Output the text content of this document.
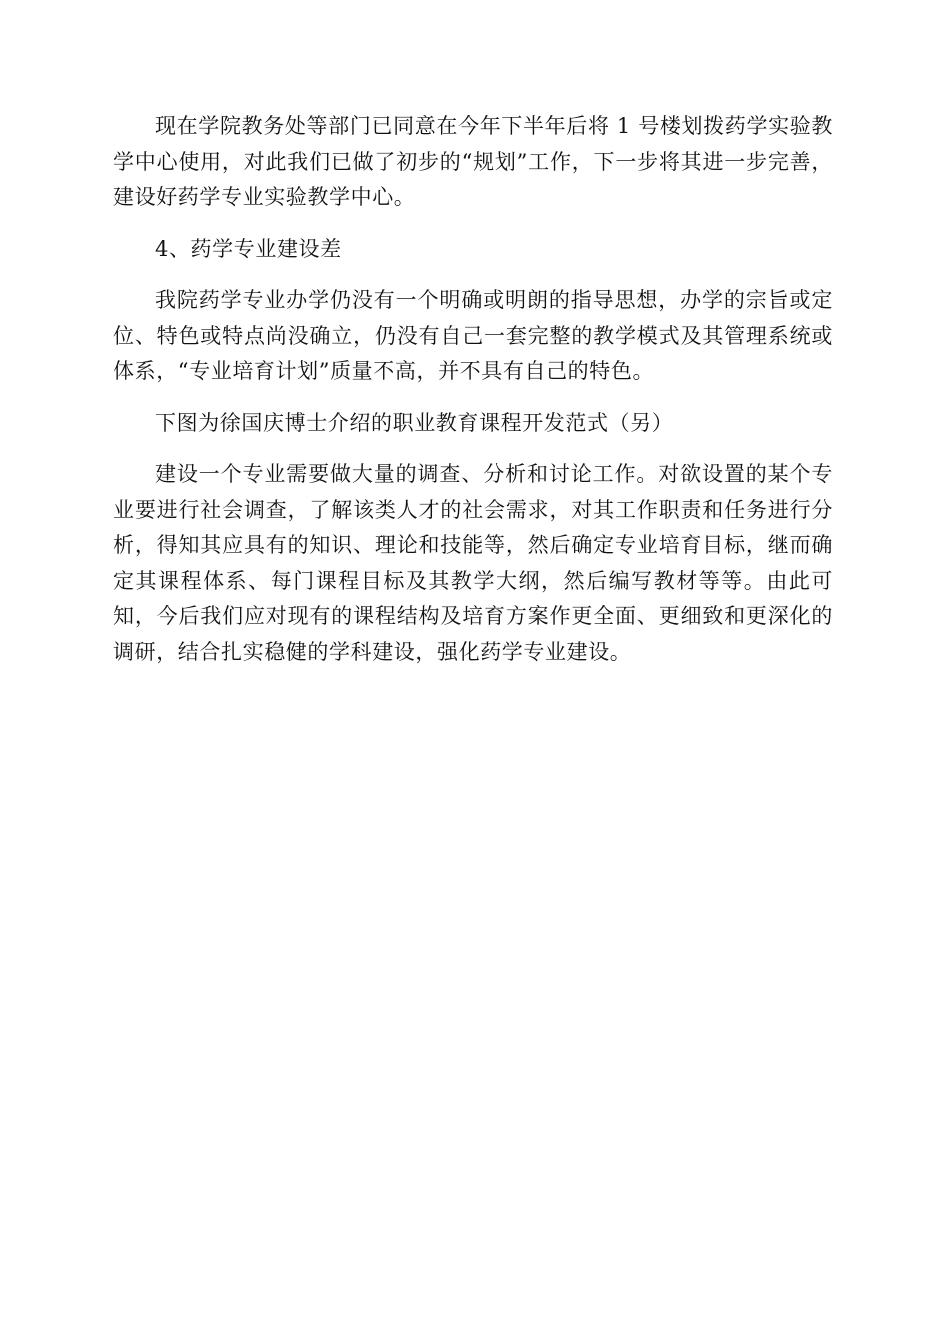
现在学院教务处等部门已同意在今年下半年后将 1 号楼划拨药学实验教学中心使用，对此我们已做了初步的“规划”工作，下一步将其进一步完善，建设好药学专业实验教学中心。

4、药学专业建设差

我院药学专业办学仍没有一个明确或明朗的指导思想，办学的宗旨或定位、特色或特点尚没确立，仍没有自己一套完整的教学模式及其管理系统或体系，“专业培育计划”质量不高，并不具有自己的特色。

下图为徐国庆博士介绍的职业教育课程开发范式（另）

建设一个专业需要做大量的调查、分析和讨论工作。对欲设置的某个专业要进行社会调查，了解该类人才的社会需求，对其工作职责和任务进行分析，得知其应具有的知识、理论和技能等，然后确定专业培育目标，继而确定其课程体系、每门课程目标及其教学大纲，然后编写教材等等。由此可知，今后我们应对现有的课程结构及培育方案作更全面、更细致和更深化的调研，结合扎实稳健的学科建设，强化药学专业建设。
